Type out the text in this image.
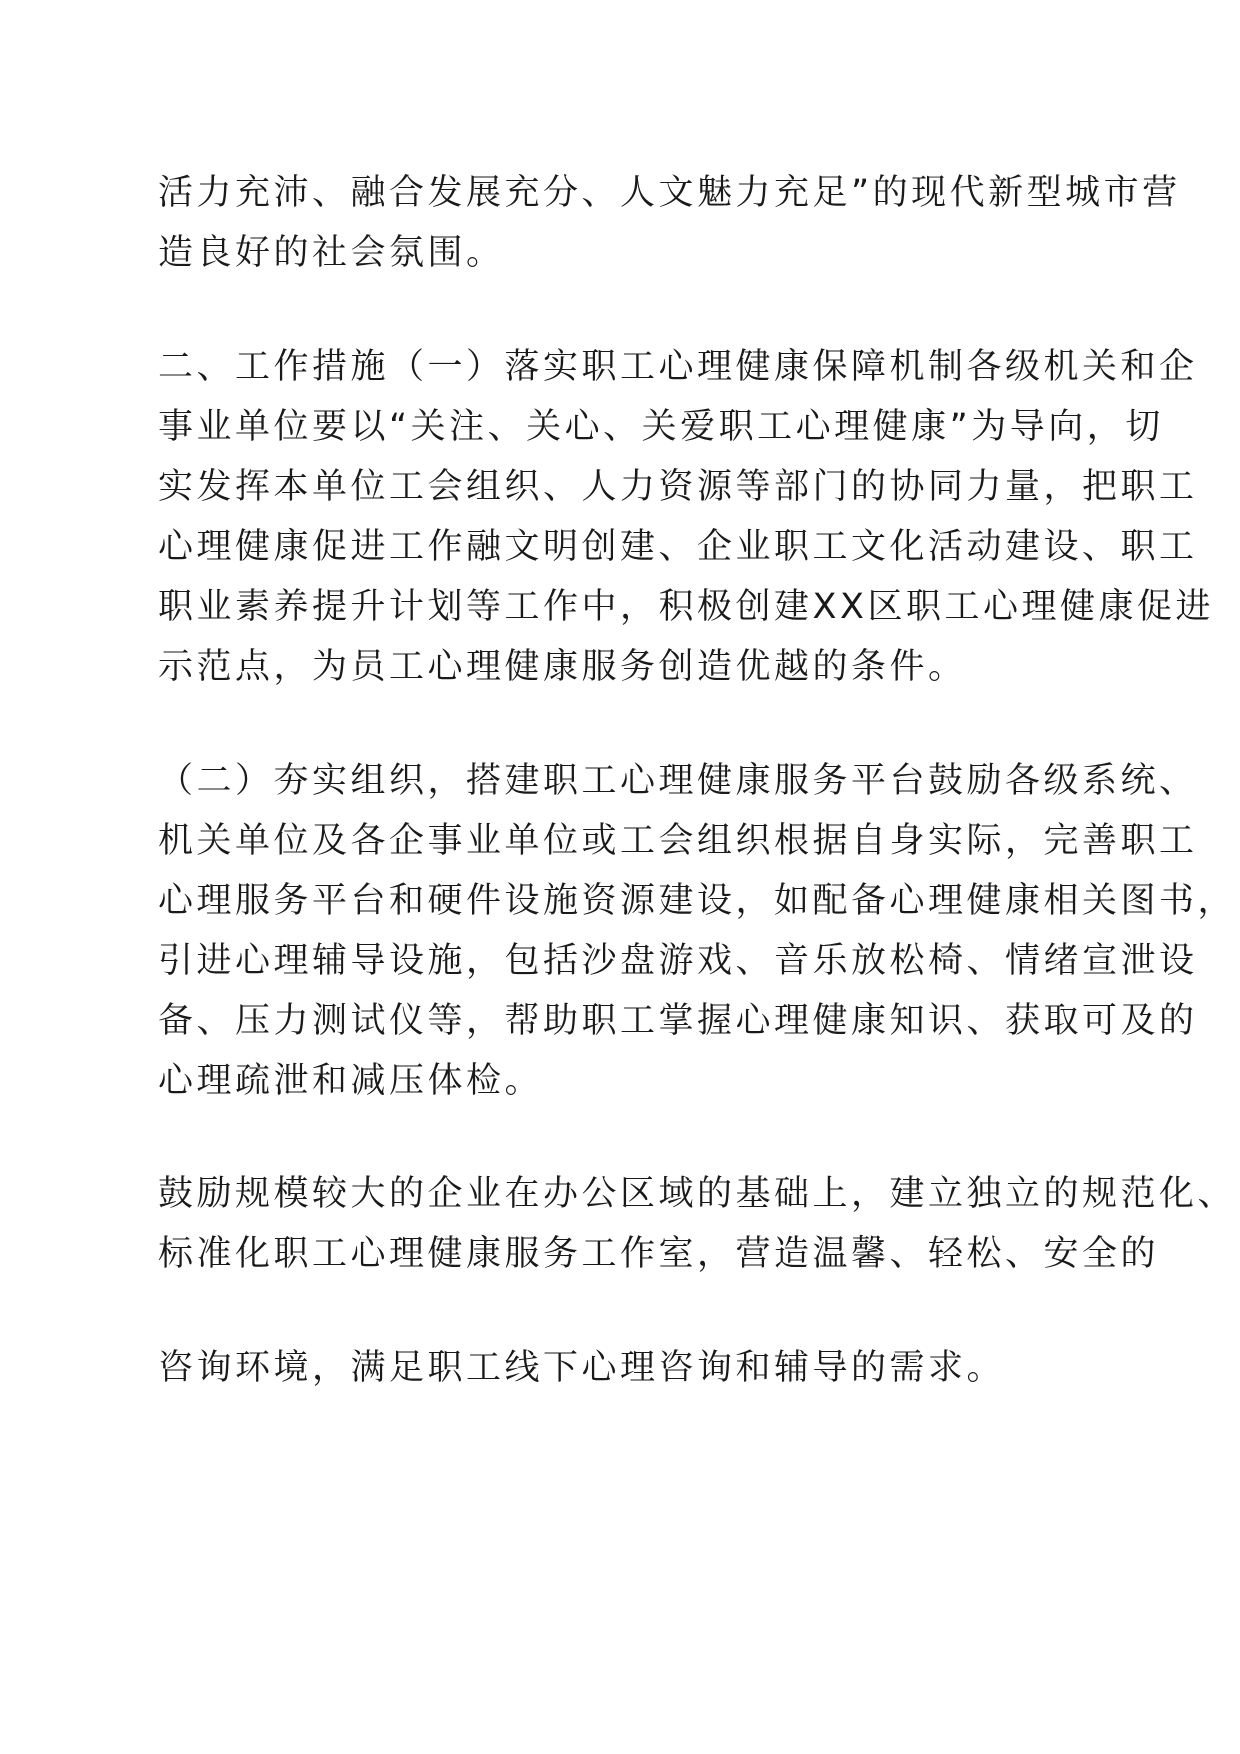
活力充沛、融合发展充分、人文魅力充足”的现代新型城市营
造良好的社会氛围。
二、工作措施（一）落实职工心理健康保障机制各级机关和企
事业单位要以“关注、关心、关爱职工心理健康”为导向，切
实发挥本单位工会组织、人力资源等部门的协同力量，把职工
心理健康促进工作融文明创建、企业职工文化活动建设、职工
职业素养提升计划等工作中，积极创建XX区职工心理健康促进
示范点，为员工心理健康服务创造优越的条件。
（二）夯实组织，搭建职工心理健康服务平台鼓励各级系统、
机关单位及各企事业单位或工会组织根据自身实际，完善职工
心理服务平台和硬件设施资源建设，如配备心理健康相关图书，
引进心理辅导设施，包括沙盘游戏、音乐放松椅、情绪宣泄设
备、压力测试仪等，帮助职工掌握心理健康知识、获取可及的
心理疏泄和减压体检。
鼓励规模较大的企业在办公区域的基础上，建立独立的规范化、
标准化职工心理健康服务工作室，营造温馨、轻松、安全的
咨询环境，满足职工线下心理咨询和辅导的需求。
